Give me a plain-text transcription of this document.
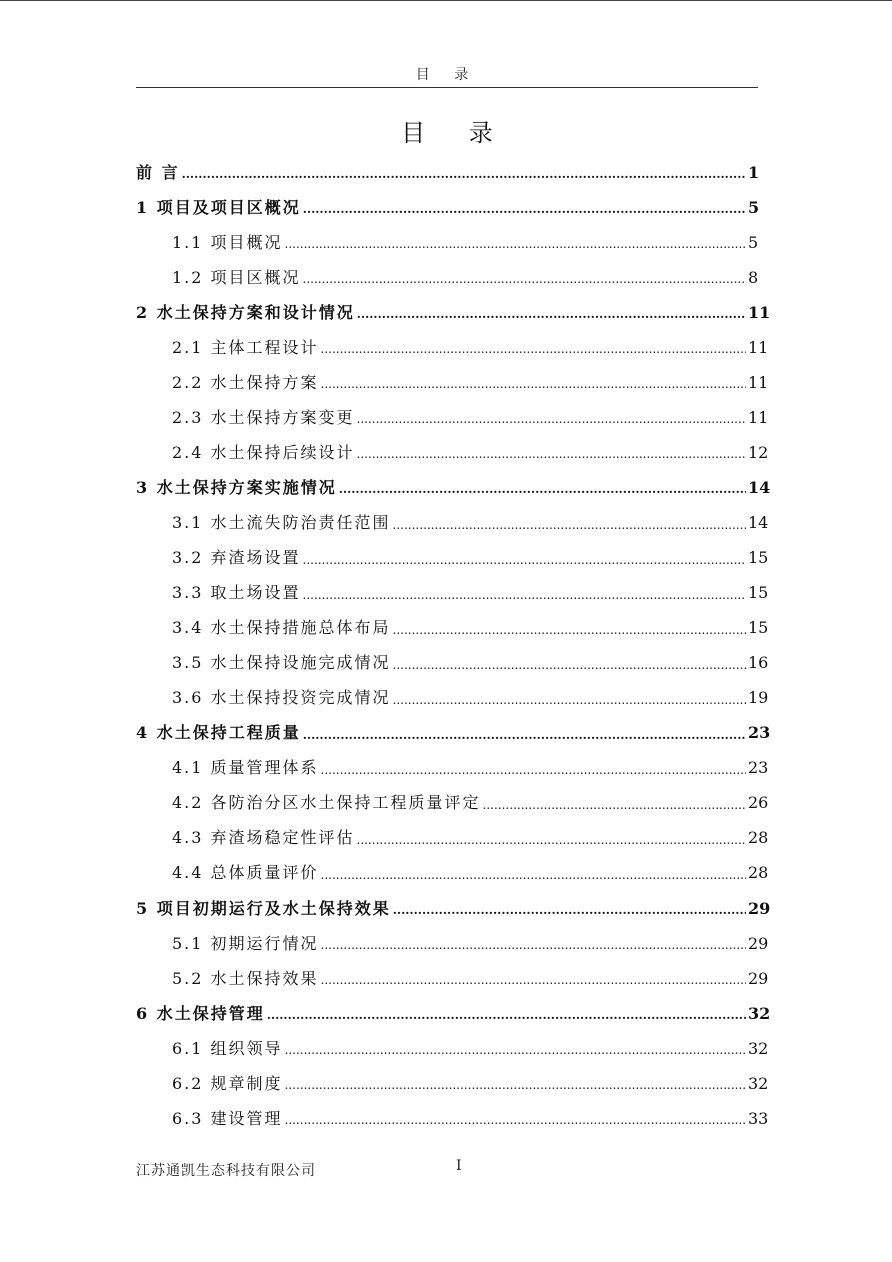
目 录
目 录
前 言 .....	1
1 项目及项目区概况 .....	5
1.1 项目概况 .....	5
1.2 项目区概况 .....	8
2 水土保持方案和设计情况 .....	11
2.1 主体工程设计 .....	11
2.2 水土保持方案 .....	11
2.3 水土保持方案变更 .....	11
2.4 水土保持后续设计 .....	12
3 水土保持方案实施情况 .....	14
3.1 水土流失防治责任范围 .....	14
3.2 弃渣场设置 .....	15
3.3 取土场设置 .....	15
3.4 水土保持措施总体布局 .....	15
3.5 水土保持设施完成情况 .....	16
3.6 水土保持投资完成情况 .....	19
4 水土保持工程质量 .....	23
4.1 质量管理体系 .....	23
4.2 各防治分区水土保持工程质量评定 .....	26
4.3 弃渣场稳定性评估 .....	28
4.4 总体质量评价 .....	28
5 项目初期运行及水土保持效果 .....	29
5.1 初期运行情况 .....	29
5.2 水土保持效果 .....	29
6 水土保持管理 .....	32
6.1 组织领导 .....	32
6.2 规章制度 .....	32
6.3 建设管理 .....	33
江苏通凯生态科技有限公司	I
